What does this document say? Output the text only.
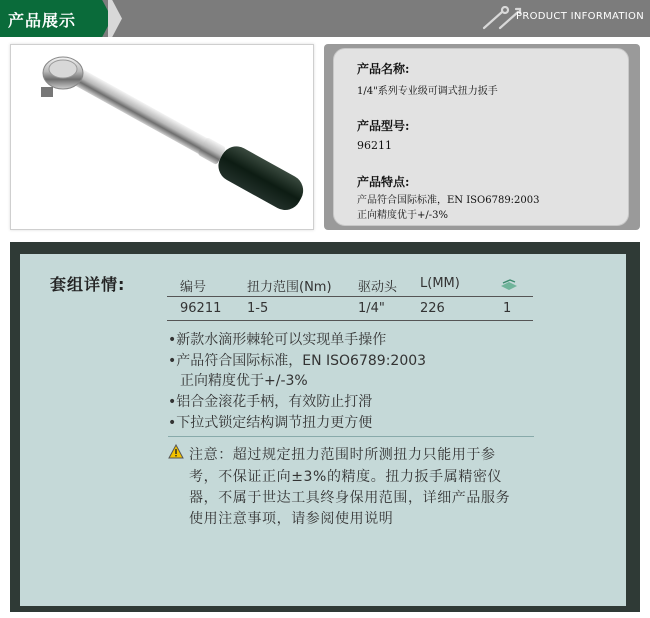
产品展示	PRODUCT INFORMATION
产品名称:
1/4"系列专业级可调式扭力扳手
产品型号:
96211
产品特点:
产品符合国际标准，EN ISO6789:2003
正向精度优于+/-3%
套组详情:	编号	扭力范围(Nm) 驱动头 L(MM)
96211 1-5	1/4"	226	1
•新款水滴形棘轮可以实现单手操作
•产品符合国际标准，EN ISO6789:2003
正向精度优于+/-3%
•铝合金滚花手柄，有效防止打滑
•下拉式锁定结构调节扭力更方便
注意：超过规定扭力范围时所测扭力只能用于参
考，不保证正向±3%的精度。扭力扳手属精密仪
器，不属于世达工具终身保用范围，详细产品服务
使用注意事项，请参阅使用说明
